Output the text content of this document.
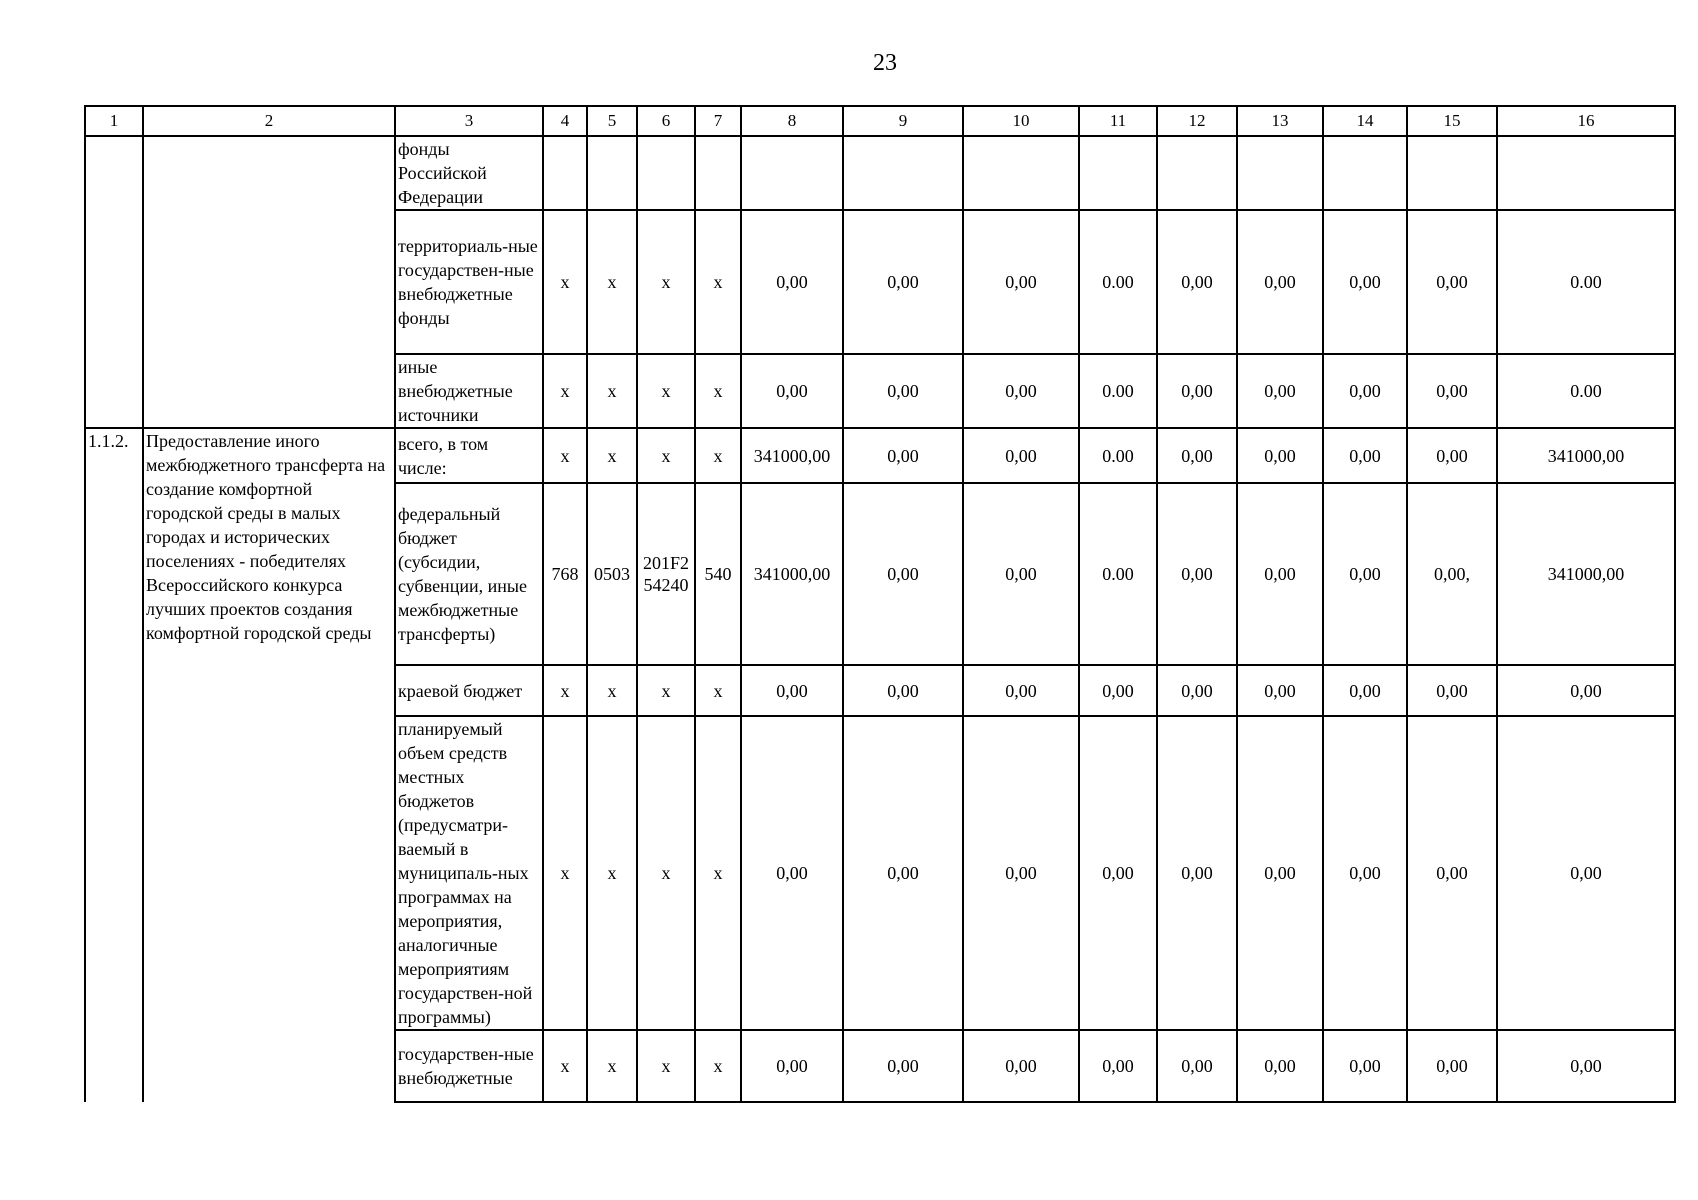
23
1	2	3	4	5	6	7	8	9	10	11	12	13	14	15	16
		фонды Российской Федерации													
		территориаль-ные государствен-ные внебюджетные фонды	х	х	х	х	0,00	0,00	0,00	0.00	0,00	0,00	0,00	0,00	0.00
		иные внебюджетные источники	х	х	х	х	0,00	0,00	0,00	0.00	0,00	0,00	0,00	0,00	0.00
1.1.2.	Предоставление иного межбюджетного трансферта на создание комфортной городской среды в малых городах и исторических поселениях - победителях Всероссийского конкурса лучших проектов создания комфортной городской среды	всего, в том числе:	х	х	х	х	341000,00	0,00	0,00	0.00	0,00	0,00	0,00	0,00	341000,00
		федеральный бюджет (субсидии, субвенции, иные межбюджетные трансферты)	768	0503	201F2 54240	540	341000,00	0,00	0,00	0.00	0,00	0,00	0,00	0,00,	341000,00
		краевой бюджет	х	х	х	х	0,00	0,00	0,00	0,00	0,00	0,00	0,00	0,00	0,00
		планируемый объем средств местных бюджетов (предусматри-ваемый в муниципаль-ных программах на мероприятия, аналогичные мероприятиям государствен-ной программы)	х	х	х	х	0,00	0,00	0,00	0,00	0,00	0,00	0,00	0,00	0,00
		государствен-ные внебюджетные	х	х	х	х	0,00	0,00	0,00	0,00	0,00	0,00	0,00	0,00	0,00
